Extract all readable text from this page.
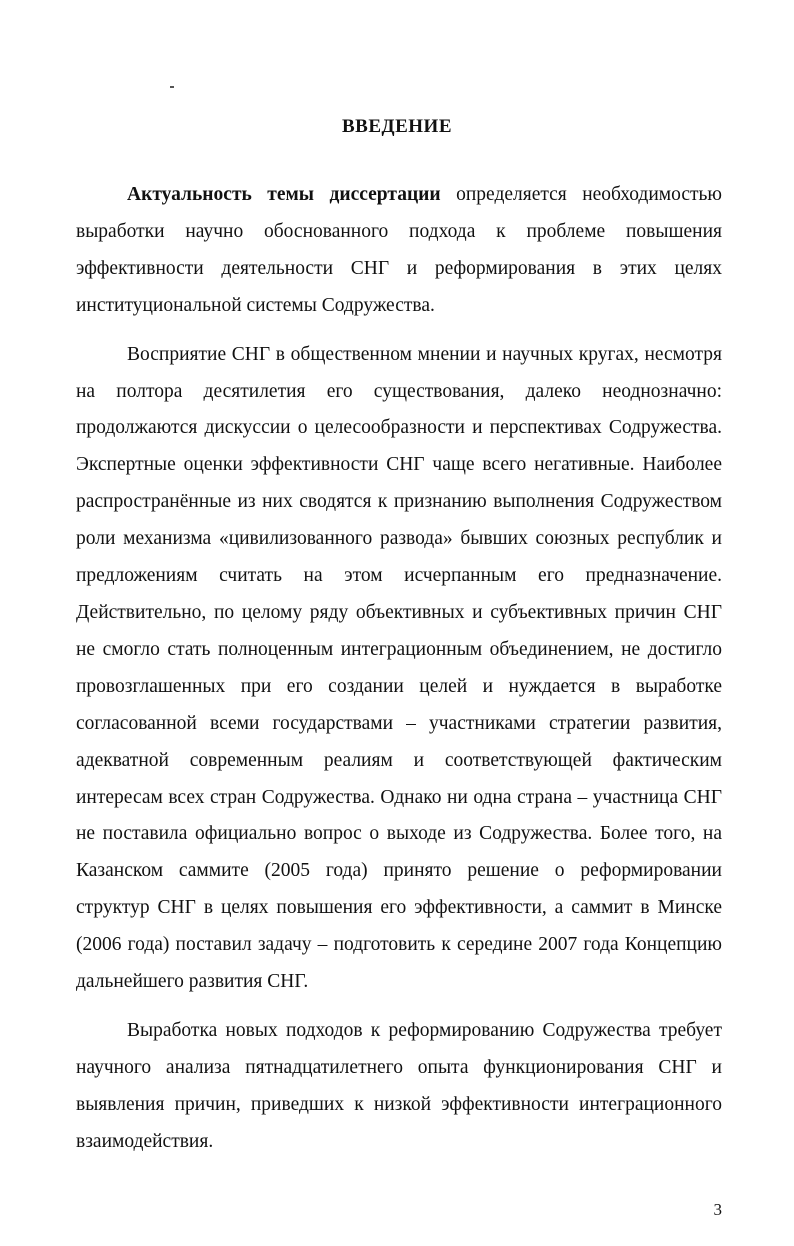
ВВЕДЕНИЕ

Актуальность темы диссертации определяется необходимостью выработки научно обоснованного подхода к проблеме повышения эффективности деятельности СНГ и реформирования в этих целях институциональной системы Содружества.

Восприятие СНГ в общественном мнении и научных кругах, несмотря на полтора десятилетия его существования, далеко неоднозначно: продолжаются дискуссии о целесообразности и перспективах Содружества. Экспертные оценки эффективности СНГ чаще всего негативные. Наиболее распространённые из них сводятся к признанию выполнения Содружеством роли механизма «цивилизованного развода» бывших союзных республик и предложениям считать на этом исчерпанным его предназначение. Действительно, по целому ряду объективных и субъективных причин СНГ не смогло стать полноценным интеграционным объединением, не достигло провозглашенных при его создании целей и нуждается в выработке согласованной всеми государствами – участниками стратегии развития, адекватной современным реалиям и соответствующей фактическим интересам всех стран Содружества. Однако ни одна страна – участница СНГ не поставила официально вопрос о выходе из Содружества. Более того, на Казанском саммите (2005 года) принято решение о реформировании структур СНГ в целях повышения его эффективности, а саммит в Минске (2006 года) поставил задачу – подготовить к середине 2007 года Концепцию дальнейшего развития СНГ.

Выработка новых подходов к реформированию Содружества требует научного анализа пятнадцатилетнего опыта функционирования СНГ и выявления причин, приведших к низкой эффективности интеграционного взаимодействия.

3
